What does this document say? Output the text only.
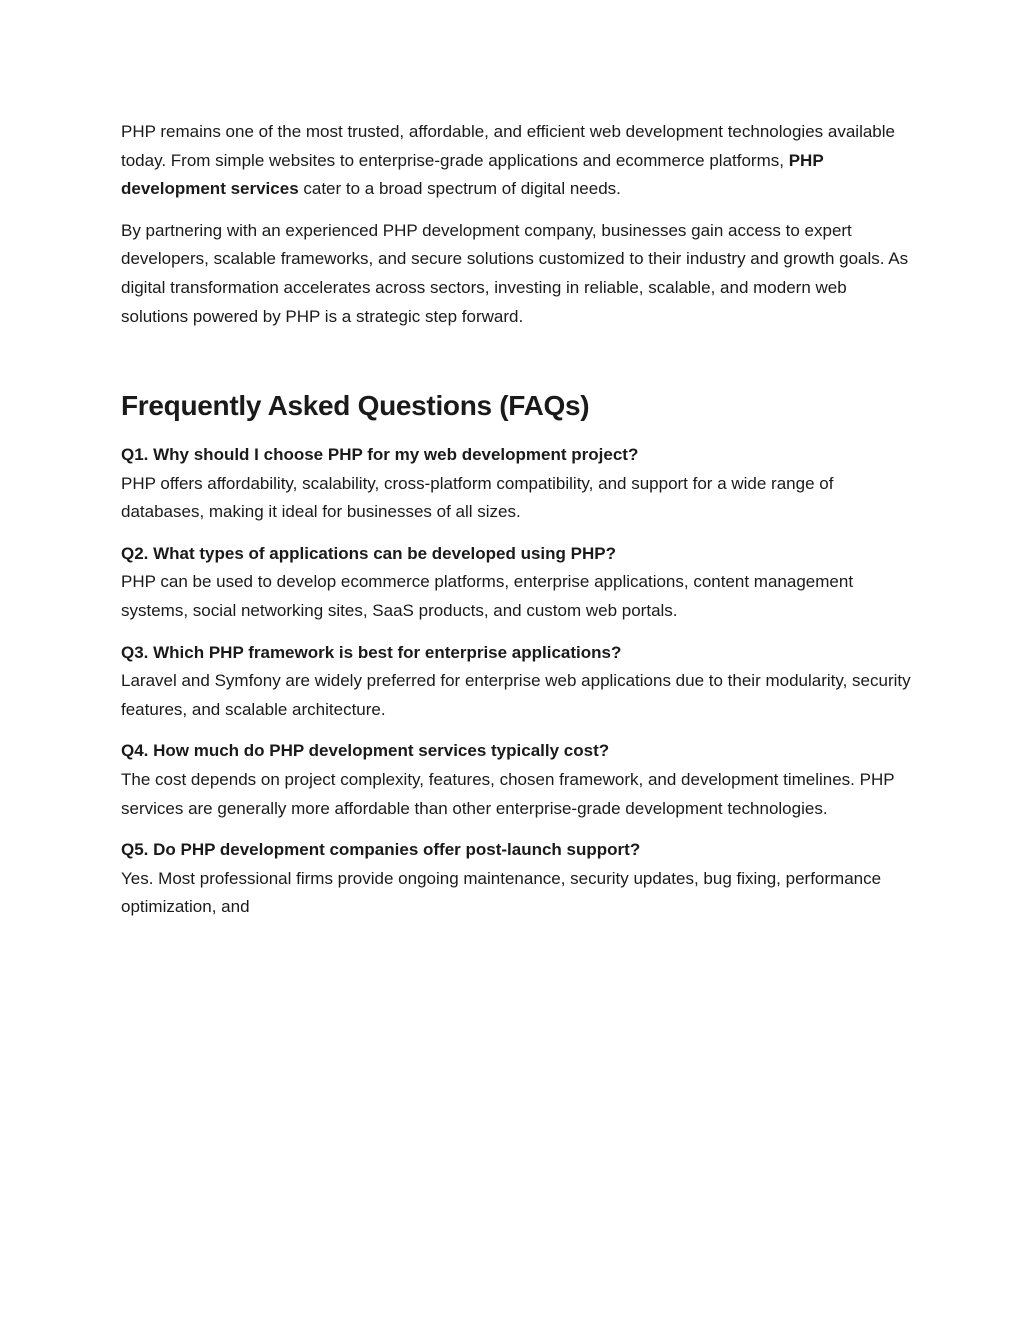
PHP remains one of the most trusted, affordable, and efficient web development technologies available today. From simple websites to enterprise-grade applications and ecommerce platforms, PHP development services cater to a broad spectrum of digital needs.

By partnering with an experienced PHP development company, businesses gain access to expert developers, scalable frameworks, and secure solutions customized to their industry and growth goals. As digital transformation accelerates across sectors, investing in reliable, scalable, and modern web solutions powered by PHP is a strategic step forward.

Frequently Asked Questions (FAQs)

Q1. Why should I choose PHP for my web development project?

PHP offers affordability, scalability, cross-platform compatibility, and support for a wide range of databases, making it ideal for businesses of all sizes.

Q2. What types of applications can be developed using PHP?

PHP can be used to develop ecommerce platforms, enterprise applications, content management systems, social networking sites, SaaS products, and custom web portals.

Q3. Which PHP framework is best for enterprise applications?

Laravel and Symfony are widely preferred for enterprise web applications due to their modularity, security features, and scalable architecture.

Q4. How much do PHP development services typically cost?

The cost depends on project complexity, features, chosen framework, and development timelines. PHP services are generally more affordable than other enterprise-grade development technologies.

Q5. Do PHP development companies offer post-launch support?

Yes. Most professional firms provide ongoing maintenance, security updates, bug fixing, performance optimization, and
